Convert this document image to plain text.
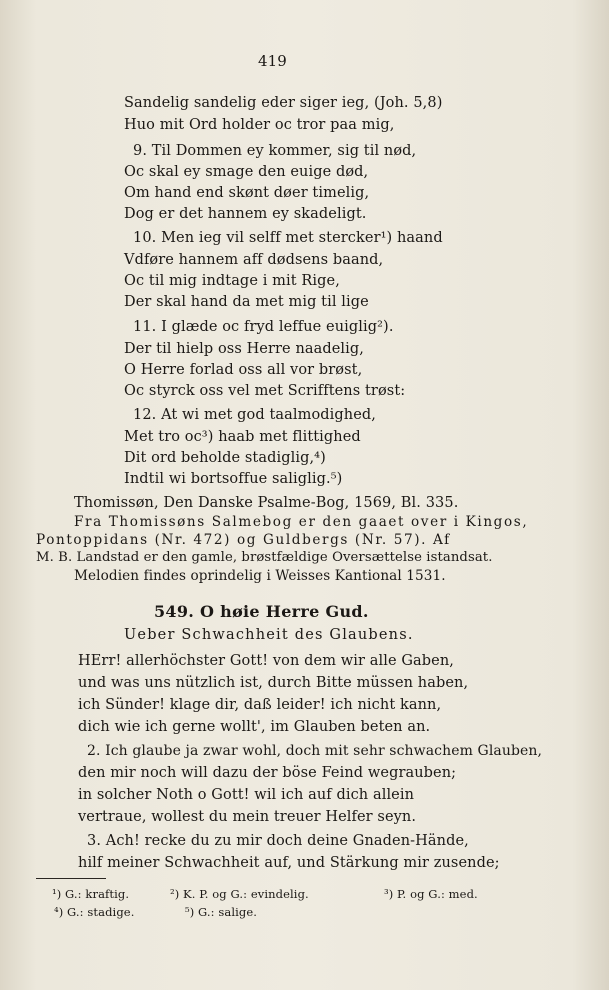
419
Sandelig sandelig eder siger ieg, (Joh. 5,8)
Huo mit Ord holder oc tror paa mig,
9. Til Dommen ey kommer, sig til nød,
Oc skal ey smage den euige død,
Om hand end skønt døer timelig,
Dog er det hannem ey skadeligt.
10. Men ieg vil selff met stercker¹) haand
Vdføre hannem aff dødsens baand,
Oc til mig indtage i mit Rige,
Der skal hand da met mig til lige
11. I glæde oc fryd leffue euiglig²).
Der til hielp oss Herre naadelig,
O Herre forlad oss all vor brøst,
Oc styrck oss vel met Scrifftens trøst:
12. At wi met god taalmodighed,
Met tro oc³) haab met flittighed
Dit ord beholde stadiglig,⁴)
Indtil wi bortsoffue saliglig.⁵)
Thomissøn, Den Danske Psalme-Bog, 1569, Bl. 335.
Fra Thomissøns Salmebog er den gaaet over i Kingos,
Pontoppidans (Nr. 472) og Guldbergs (Nr. 57). Af
M. B. Landstad er den gamle, brøstfældige Oversættelse istandsat.
Melodien findes oprindelig i Weisses Kantional 1531.
549. O høie Herre Gud.
Ueber Schwachheit des Glaubens.
HErr! allerhöchster Gott! von dem wir alle Gaben,
und was uns nützlich ist, durch Bitte müssen haben,
ich Sünder! klage dir, daß leider! ich nicht kann,
dich wie ich gerne wollt', im Glauben beten an.
2. Ich glaube ja zwar wohl, doch mit sehr schwachem Glauben,
den mir noch will dazu der böse Feind wegrauben;
in solcher Noth o Gott! wil ich auf dich allein
vertraue, wollest du mein treuer Helfer seyn.
3. Ach! recke du zu mir doch deine Gnaden-Hände,
hilf meiner Schwachheit auf, und Stärkung mir zusende;
¹) G.: kraftig.	²) K. P. og G.: evindelig.	³) P. og G.: med.
⁴) G.: stadige.	⁵) G.: salige.
